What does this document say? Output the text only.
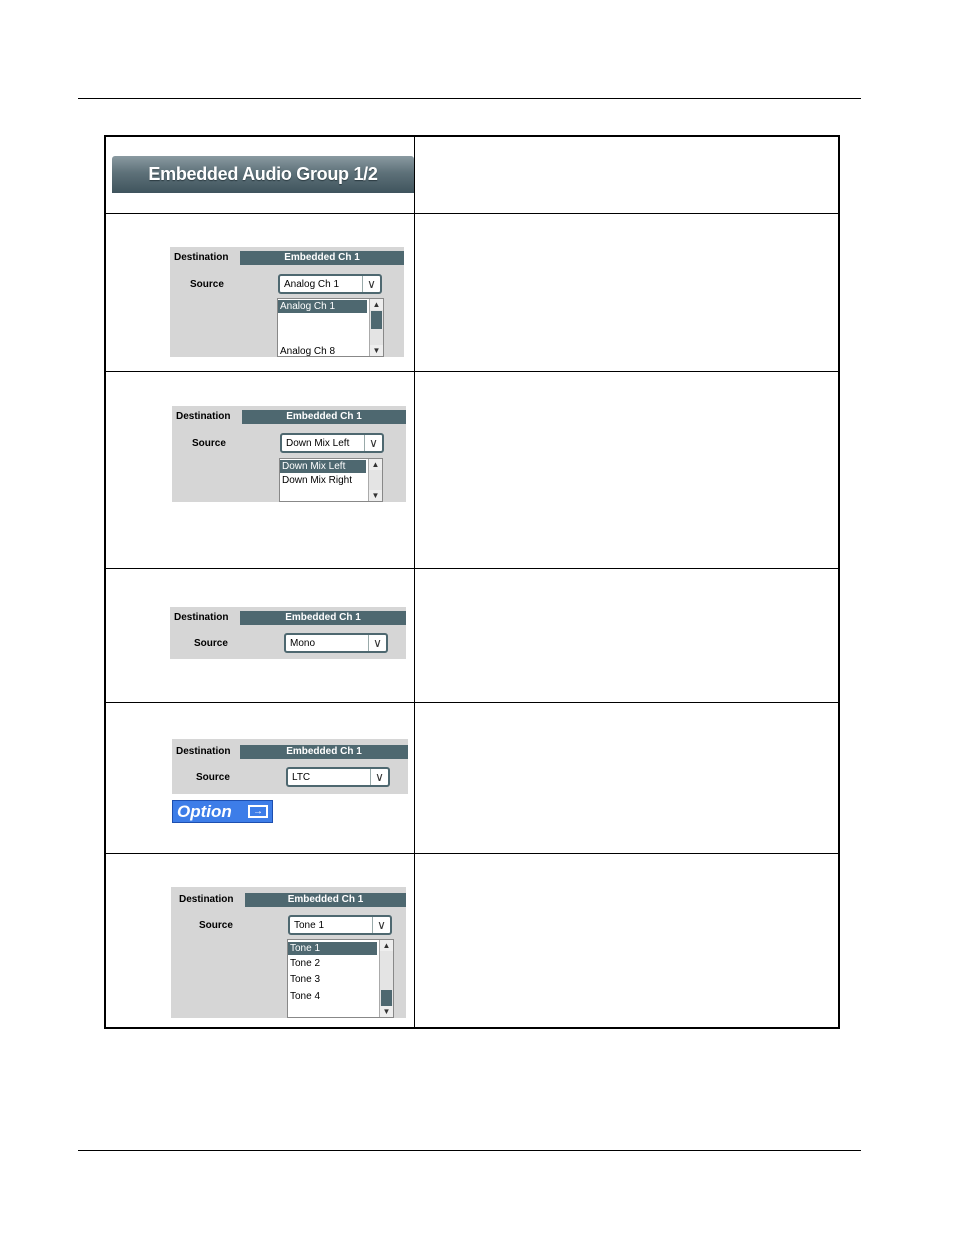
Embedded Audio Group 1/2
Destination	Embedded Ch 1
Source	Analog Ch 1	∨
Analog Ch 1
Analog Ch 8
▲
▼
Destination	Embedded Ch 1
Source	Down Mix Left	∨
Down Mix Left
Down Mix Right
▲
▼
Destination	Embedded Ch 1
Source	Mono	∨
Destination	Embedded Ch 1
Source	LTC	∨
Option	→
Destination	Embedded Ch 1
Source	Tone 1	∨
Tone 1
Tone 2
Tone 3
Tone 4
▲
▼
